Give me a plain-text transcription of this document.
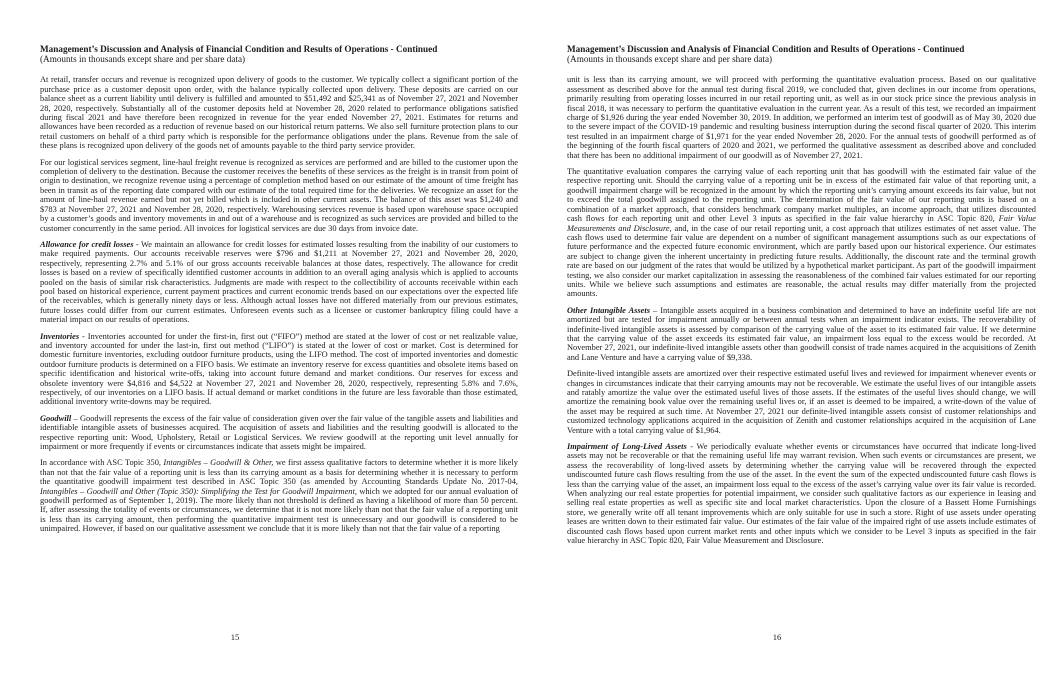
Management’s Discussion and Analysis of Financial Condition and Results of Operations - Continued
(Amounts in thousands except share and per share data)

At retail, transfer occurs and revenue is recognized upon delivery of goods to the customer. We typically collect a significant portion of the purchase price as a customer deposit upon order, with the balance typically collected upon delivery. These deposits are carried on our balance sheet as a current liability until delivery is fulfilled and amounted to $51,492 and $25,341 as of November 27, 2021 and November 28, 2020, respectively. Substantially all of the customer deposits held at November 28, 2020 related to performance obligations satisfied during fiscal 2021 and have therefore been recognized in revenue for the year ended November 27, 2021. Estimates for returns and allowances have been recorded as a reduction of revenue based on our historical return patterns. We also sell furniture protection plans to our retail customers on behalf of a third party which is responsible for the performance obligations under the plans. Revenue from the sale of these plans is recognized upon delivery of the goods net of amounts payable to the third party service provider.

For our logistical services segment, line-haul freight revenue is recognized as services are performed and are billed to the customer upon the completion of delivery to the destination. Because the customer receives the benefits of these services as the freight is in transit from point of origin to destination, we recognize revenue using a percentage of completion method based on our estimate of the amount of time freight has been in transit as of the reporting date compared with our estimate of the total required time for the deliveries. We recognize an asset for the amount of line-haul revenue earned but not yet billed which is included in other current assets. The balance of this asset was $1,240 and $783 at November 27, 2021 and November 28, 2020, respectively. Warehousing services revenue is based upon warehouse space occupied by a customer’s goods and inventory movements in and out of a warehouse and is recognized as such services are provided and billed to the customer concurrently in the same period. All invoices for logistical services are due 30 days from invoice date.

Allowance for credit losses - We maintain an allowance for credit losses for estimated losses resulting from the inability of our customers to make required payments. Our accounts receivable reserves were $796 and $1,211 at November 27, 2021 and November 28, 2020, respectively, representing 2.7% and 5.1% of our gross accounts receivable balances at those dates, respectively. The allowance for credit losses is based on a review of specifically identified customer accounts in addition to an overall aging analysis which is applied to accounts pooled on the basis of similar risk characteristics. Judgments are made with respect to the collectibility of accounts receivable within each pool based on historical experience, current payment practices and current economic trends based on our expectations over the expected life of the receivables, which is generally ninety days or less. Although actual losses have not differed materially from our previous estimates, future losses could differ from our current estimates. Unforeseen events such as a licensee or customer bankruptcy filing could have a material impact on our results of operations.

Inventories - Inventories accounted for under the first-in, first out (“FIFO”) method are stated at the lower of cost or net realizable value, and inventory accounted for under the last-in, first out method (“LIFO”) is stated at the lower of cost or market. Cost is determined for domestic furniture inventories, excluding outdoor furniture products, using the LIFO method. The cost of imported inventories and domestic outdoor furniture products is determined on a FIFO basis. We estimate an inventory reserve for excess quantities and obsolete items based on specific identification and historical write-offs, taking into account future demand and market conditions. Our reserves for excess and obsolete inventory were $4,816 and $4,522 at November 27, 2021 and November 28, 2020, respectively, representing 5.8% and 7.6%, respectively, of our inventories on a LIFO basis. If actual demand or market conditions in the future are less favorable than those estimated, additional inventory write-downs may be required.

Goodwill – Goodwill represents the excess of the fair value of consideration given over the fair value of the tangible assets and liabilities and identifiable intangible assets of businesses acquired. The acquisition of assets and liabilities and the resulting goodwill is allocated to the respective reporting unit: Wood, Upholstery, Retail or Logistical Services. We review goodwill at the reporting unit level annually for impairment or more frequently if events or circumstances indicate that assets might be impaired.

In accordance with ASC Topic 350, Intangibles – Goodwill & Other, we first assess qualitative factors to determine whether it is more likely than not that the fair value of a reporting unit is less than its carrying amount as a basis for determining whether it is necessary to perform the quantitative goodwill impairment test described in ASC Topic 350 (as amended by Accounting Standards Update No. 2017-04, Intangibles – Goodwill and Other (Topic 350): Simplifying the Test for Goodwill Impairment, which we adopted for our annual evaluation of goodwill performed as of September 1, 2019). The more likely than not threshold is defined as having a likelihood of more than 50 percent. If, after assessing the totality of events or circumstances, we determine that it is not more likely than not that the fair value of a reporting unit is less than its carrying amount, then performing the quantitative impairment test is unnecessary and our goodwill is considered to be unimpaired. However, if based on our qualitative assessment we conclude that it is more likely than not that the fair value of a reporting

Management’s Discussion and Analysis of Financial Condition and Results of Operations - Continued
(Amounts in thousands except share and per share data)

unit is less than its carrying amount, we will proceed with performing the quantitative evaluation process. Based on our qualitative assessment as described above for the annual test during fiscal 2019, we concluded that, given declines in our income from operations, primarily resulting from operating losses incurred in our retail reporting unit, as well as in our stock price since the previous analysis in fiscal 2018, it was necessary to perform the quantitative evaluation in the current year. As a result of this test, we recorded an impairment charge of $1,926 during the year ended November 30, 2019. In addition, we performed an interim test of goodwill as of May 30, 2020 due to the severe impact of the COVID-19 pandemic and resulting business interruption during the second fiscal quarter of 2020. This interim test resulted in an impairment charge of $1,971 for the year ended November 28, 2020. For the annual tests of goodwill performed as of the beginning of the fourth fiscal quarters of 2020 and 2021, we performed the qualitative assessment as described above and concluded that there has been no additional impairment of our goodwill as of November 27, 2021.

The quantitative evaluation compares the carrying value of each reporting unit that has goodwill with the estimated fair value of the respective reporting unit. Should the carrying value of a reporting unit be in excess of the estimated fair value of that reporting unit, a goodwill impairment charge will be recognized in the amount by which the reporting unit’s carrying amount exceeds its fair value, but not to exceed the total goodwill assigned to the reporting unit. The determination of the fair value of our reporting units is based on a combination of a market approach, that considers benchmark company market multiples, an income approach, that utilizes discounted cash flows for each reporting unit and other Level 3 inputs as specified in the fair value hierarchy in ASC Topic 820, Fair Value Measurements and Disclosure, and, in the case of our retail reporting unit, a cost approach that utilizes estimates of net asset value. The cash flows used to determine fair value are dependent on a number of significant management assumptions such as our expectations of future performance and the expected future economic environment, which are partly based upon our historical experience. Our estimates are subject to change given the inherent uncertainty in predicting future results. Additionally, the discount rate and the terminal growth rate are based on our judgment of the rates that would be utilized by a hypothetical market participant. As part of the goodwill impairment testing, we also consider our market capitalization in assessing the reasonableness of the combined fair values estimated for our reporting units. While we believe such assumptions and estimates are reasonable, the actual results may differ materially from the projected amounts.

Other Intangible Assets – Intangible assets acquired in a business combination and determined to have an indefinite useful life are not amortized but are tested for impairment annually or between annual tests when an impairment indicator exists. The recoverability of indefinite-lived intangible assets is assessed by comparison of the carrying value of the asset to its estimated fair value. If we determine that the carrying value of the asset exceeds its estimated fair value, an impairment loss equal to the excess would be recorded. At November 27, 2021, our indefinite-lived intangible assets other than goodwill consist of trade names acquired in the acquisitions of Zenith and Lane Venture and have a carrying value of $9,338.

Definite-lived intangible assets are amortized over their respective estimated useful lives and reviewed for impairment whenever events or changes in circumstances indicate that their carrying amounts may not be recoverable. We estimate the useful lives of our intangible assets and ratably amortize the value over the estimated useful lives of those assets. If the estimates of the useful lives should change, we will amortize the remaining book value over the remaining useful lives or, if an asset is deemed to be impaired, a write-down of the value of the asset may be required at such time. At November 27, 2021 our definite-lived intangible assets consist of customer relationships and customized technology applications acquired in the acquisition of Zenith and customer relationships acquired in the acquisition of Lane Venture with a total carrying value of $1,964.

Impairment of Long-Lived Assets - We periodically evaluate whether events or circumstances have occurred that indicate long-lived assets may not be recoverable or that the remaining useful life may warrant revision. When such events or circumstances are present, we assess the recoverability of long-lived assets by determining whether the carrying value will be recovered through the expected undiscounted future cash flows resulting from the use of the asset. In the event the sum of the expected undiscounted future cash flows is less than the carrying value of the asset, an impairment loss equal to the excess of the asset’s carrying value over its fair value is recorded. When analyzing our real estate properties for potential impairment, we consider such qualitative factors as our experience in leasing and selling real estate properties as well as specific site and local market characteristics. Upon the closure of a Bassett Home Furnishings store, we generally write off all tenant improvements which are only suitable for use in such a store. Right of use assets under operating leases are written down to their estimated fair value. Our estimates of the fair value of the impaired right of use assets include estimates of discounted cash flows based upon current market rents and other inputs which we consider to be Level 3 inputs as specified in the fair value hierarchy in ASC Topic 820, Fair Value Measurement and Disclosure.

15	16
